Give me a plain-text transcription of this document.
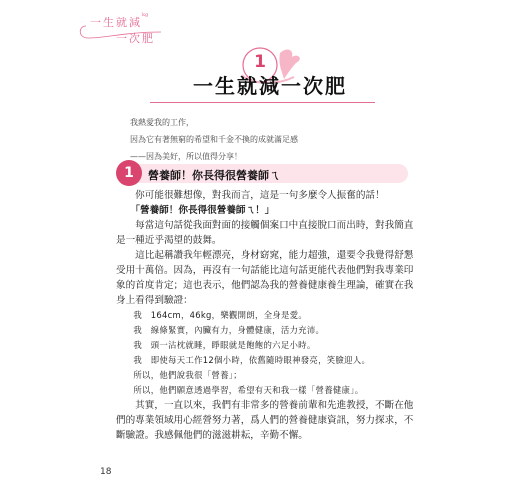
一生就減
kg
一次肥
1
一生就減一次肥
我熱愛我的工作，
因為它有著無窮的希望和千金不換的成就滿足感
——因為美好，所以值得分享！
1	營養師！你長得很營養師ㄟ

　　你可能很難想像，對我而言，這是一句多麼令人振奮的話！

　　「營養師！你長得很營養師ㄟ！」

　　每當這句話從我面對面的接觸個案口中直接脫口而出時，對我簡直是一種近乎渴望的鼓舞。

　　這比起稱讚我年輕漂亮，身材窈窕，能力超強，還要令我覺得舒懇受用十萬倍。因為，再沒有一句話能比這句話更能代表他們對我專業印象的首度肯定；這也表示，他們認為我的營養健康養生理論，確實在我身上看得到驗證：

　　我　164cm，46kg，樂觀開朗，全身是愛。

　　我　線條緊實，內臟有力，身體健康，活力充沛。

　　我　頭一沾枕就睡，睜眼就是飽飽的六足小時。

　　我　即使每天工作12個小時，依舊隨時眼神發亮，笑臉迎人。

　　所以，他們說我很「營養」；

　　所以，他們願意透過學習，希望有天和我一樣「營養健康」。

　　其實，一直以來，我們有非常多的營養前輩和先進教授，不斷在他們的專業領域用心經營努力著，爲人們的營養健康資訊，努力探求，不斷驗證。我感佩他們的滋滋耕耘，辛勤不懈。

18
